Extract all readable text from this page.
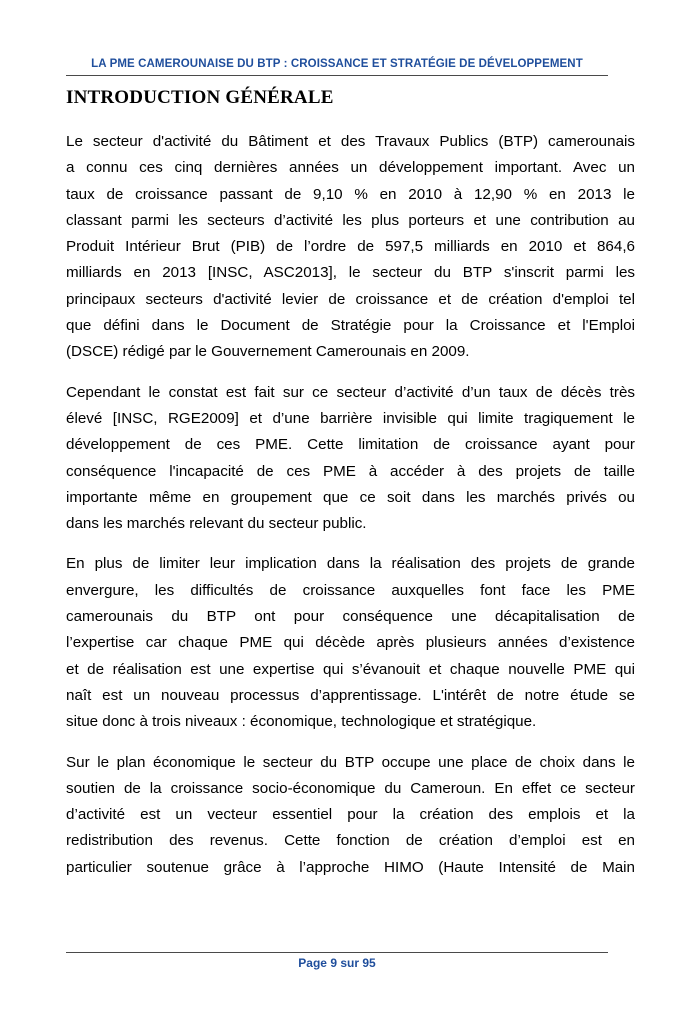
LA PME CAMEROUNAISE DU BTP : CROISSANCE ET STRATÉGIE DE DÉVELOPPEMENT
INTRODUCTION GÉNÉRALE

Le secteur d'activité du Bâtiment et des Travaux Publics (BTP) camerounais
a connu ces cinq dernières années un développement important. Avec un
taux de croissance passant de 9,10 % en 2010 à 12,90 % en 2013 le
classant parmi les secteurs d’activité les plus porteurs et une contribution au
Produit Intérieur Brut (PIB) de l’ordre de 597,5 milliards en 2010 et 864,6
milliards en 2013 [INSC, ASC2013], le secteur du BTP s'inscrit parmi les
principaux secteurs d'activité levier de croissance et de création d'emploi tel
que défini dans le Document de Stratégie pour la Croissance et l'Emploi
(DSCE) rédigé par le Gouvernement Camerounais en 2009.

Cependant le constat est fait sur ce secteur d’activité d’un taux de décès très
élevé [INSC, RGE2009] et d’une barrière invisible qui limite tragiquement le
développement de ces PME. Cette limitation de croissance ayant pour
conséquence l'incapacité de ces PME à accéder à des projets de taille
importante même en groupement que ce soit dans les marchés privés ou
dans les marchés relevant du secteur public.

En plus de limiter leur implication dans la réalisation des projets de grande
envergure, les difficultés de croissance auxquelles font face les PME
camerounais du BTP ont pour conséquence une décapitalisation de
l’expertise car chaque PME qui décède après plusieurs années d’existence
et de réalisation est une expertise qui s’évanouit et chaque nouvelle PME qui
naît est un nouveau processus d’apprentissage. L'intérêt de notre étude se
situe donc à trois niveaux : économique, technologique et stratégique.

Sur le plan économique le secteur du BTP occupe une place de choix dans le
soutien de la croissance socio-économique du Cameroun. En effet ce secteur
d’activité est un vecteur essentiel pour la création des emplois et la
redistribution des revenus. Cette fonction de création d’emploi est en
particulier soutenue grâce à l’approche HIMO (Haute Intensité de Main

Page 9 sur 95
